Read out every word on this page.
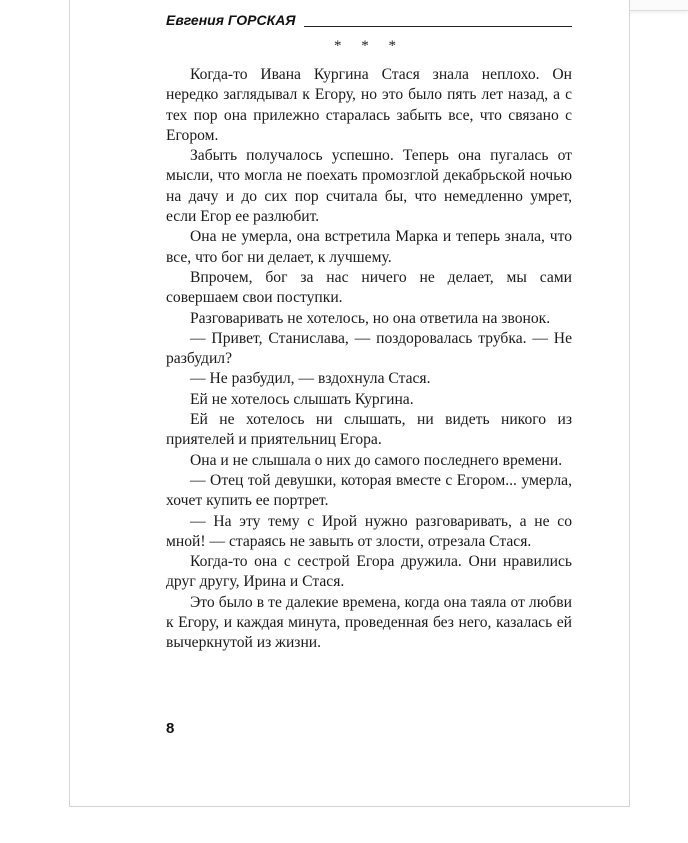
Евгения ГОРСКАЯ
* * *

Когда-то Ивана Кургина Стася знала неплохо. Он нередко заглядывал к Егору, но это было пять лет назад, а с тех пор она прилежно старалась забыть все, что связано с Егором.

Забыть получалось успешно. Теперь она пугалась от мысли, что могла не поехать промозглой декабрьской ночью на дачу и до сих пор считала бы, что немедленно умрет, если Егор ее разлюбит.

Она не умерла, она встретила Марка и теперь знала, что все, что бог ни делает, к лучшему.

Впрочем, бог за нас ничего не делает, мы сами совершаем свои поступки.

Разговаривать не хотелось, но она ответила на звонок.

— Привет, Станислава, — поздоровалась трубка. — Не разбудил?

— Не разбудил, — вздохнула Стася.

Ей не хотелось слышать Кургина.

Ей не хотелось ни слышать, ни видеть никого из приятелей и приятельниц Егора.

Она и не слышала о них до самого последнего времени.

— Отец той девушки, которая вместе с Егором... умерла, хочет купить ее портрет.

— На эту тему с Ирой нужно разговаривать, а не со мной! — стараясь не завыть от злости, отрезала Стася.

Когда-то она с сестрой Егора дружила. Они нравились друг другу, Ирина и Стася.

Это было в те далекие времена, когда она таяла от любви к Егору, и каждая минута, проведенная без него, казалась ей вычеркнутой из жизни.

8
